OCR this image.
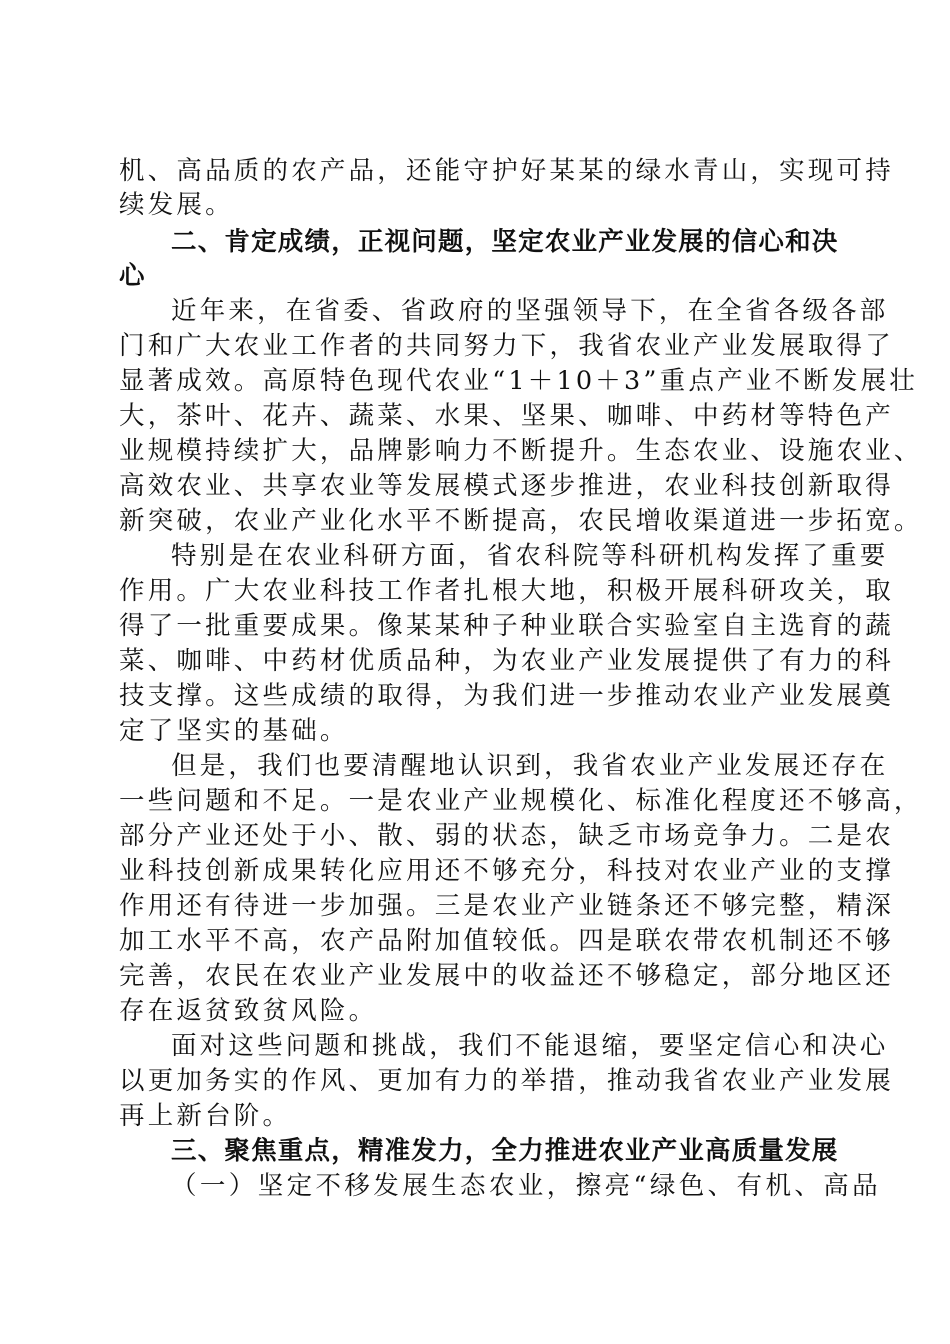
机、高品质的农产品，还能守护好某某的绿水青山，实现可持
续发展。
二、肯定成绩，正视问题，坚定农业产业发展的信心和决
心
近年来，在省委、省政府的坚强领导下，在全省各级各部
门和广大农业工作者的共同努力下，我省农业产业发展取得了
显著成效。高原特色现代农业“1＋10＋3”重点产业不断发展壮
大，茶叶、花卉、蔬菜、水果、坚果、咖啡、中药材等特色产
业规模持续扩大，品牌影响力不断提升。生态农业、设施农业、
高效农业、共享农业等发展模式逐步推进，农业科技创新取得
新突破，农业产业化水平不断提高，农民增收渠道进一步拓宽。
特别是在农业科研方面，省农科院等科研机构发挥了重要
作用。广大农业科技工作者扎根大地，积极开展科研攻关，取
得了一批重要成果。像某某种子种业联合实验室自主选育的蔬
菜、咖啡、中药材优质品种，为农业产业发展提供了有力的科
技支撑。这些成绩的取得，为我们进一步推动农业产业发展奠
定了坚实的基础。
但是，我们也要清醒地认识到，我省农业产业发展还存在
一些问题和不足。一是农业产业规模化、标准化程度还不够高，
部分产业还处于小、散、弱的状态，缺乏市场竞争力。二是农
业科技创新成果转化应用还不够充分，科技对农业产业的支撑
作用还有待进一步加强。三是农业产业链条还不够完整，精深
加工水平不高，农产品附加值较低。四是联农带农机制还不够
完善，农民在农业产业发展中的收益还不够稳定，部分地区还
存在返贫致贫风险。
面对这些问题和挑战，我们不能退缩，要坚定信心和决心
以更加务实的作风、更加有力的举措，推动我省农业产业发展
再上新台阶。
三、聚焦重点，精准发力，全力推进农业产业高质量发展
（一）坚定不移发展生态农业，擦亮“绿色、有机、高品
